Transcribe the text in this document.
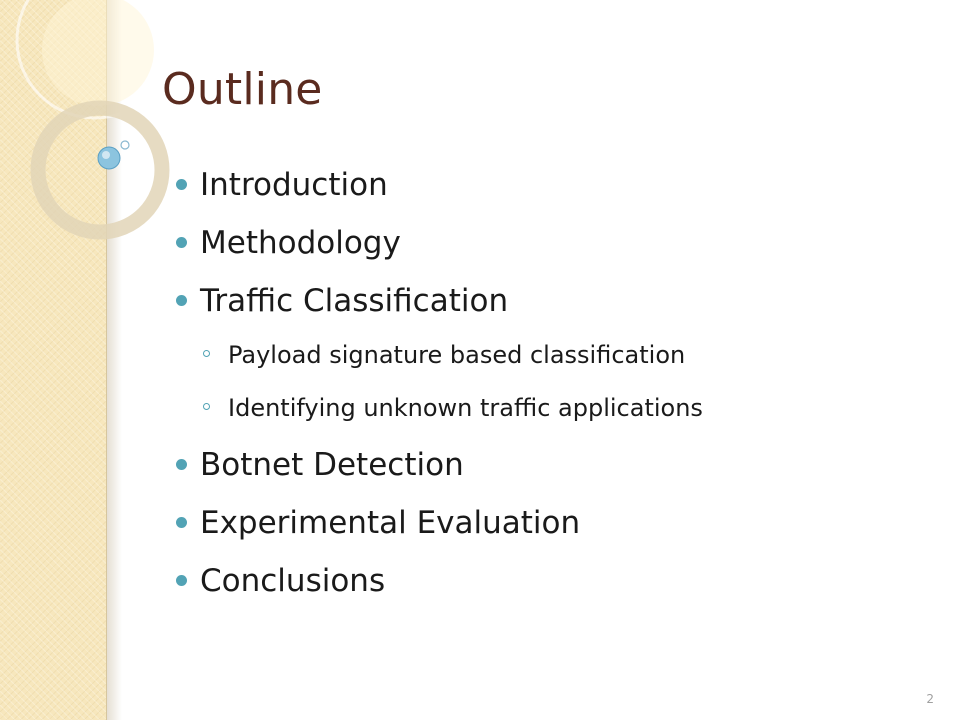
Outline
Introduction
Methodology
Traffic Classification
Payload signature based classification
Identifying unknown traffic applications
Botnet Detection
Experimental Evaluation
Conclusions
2
